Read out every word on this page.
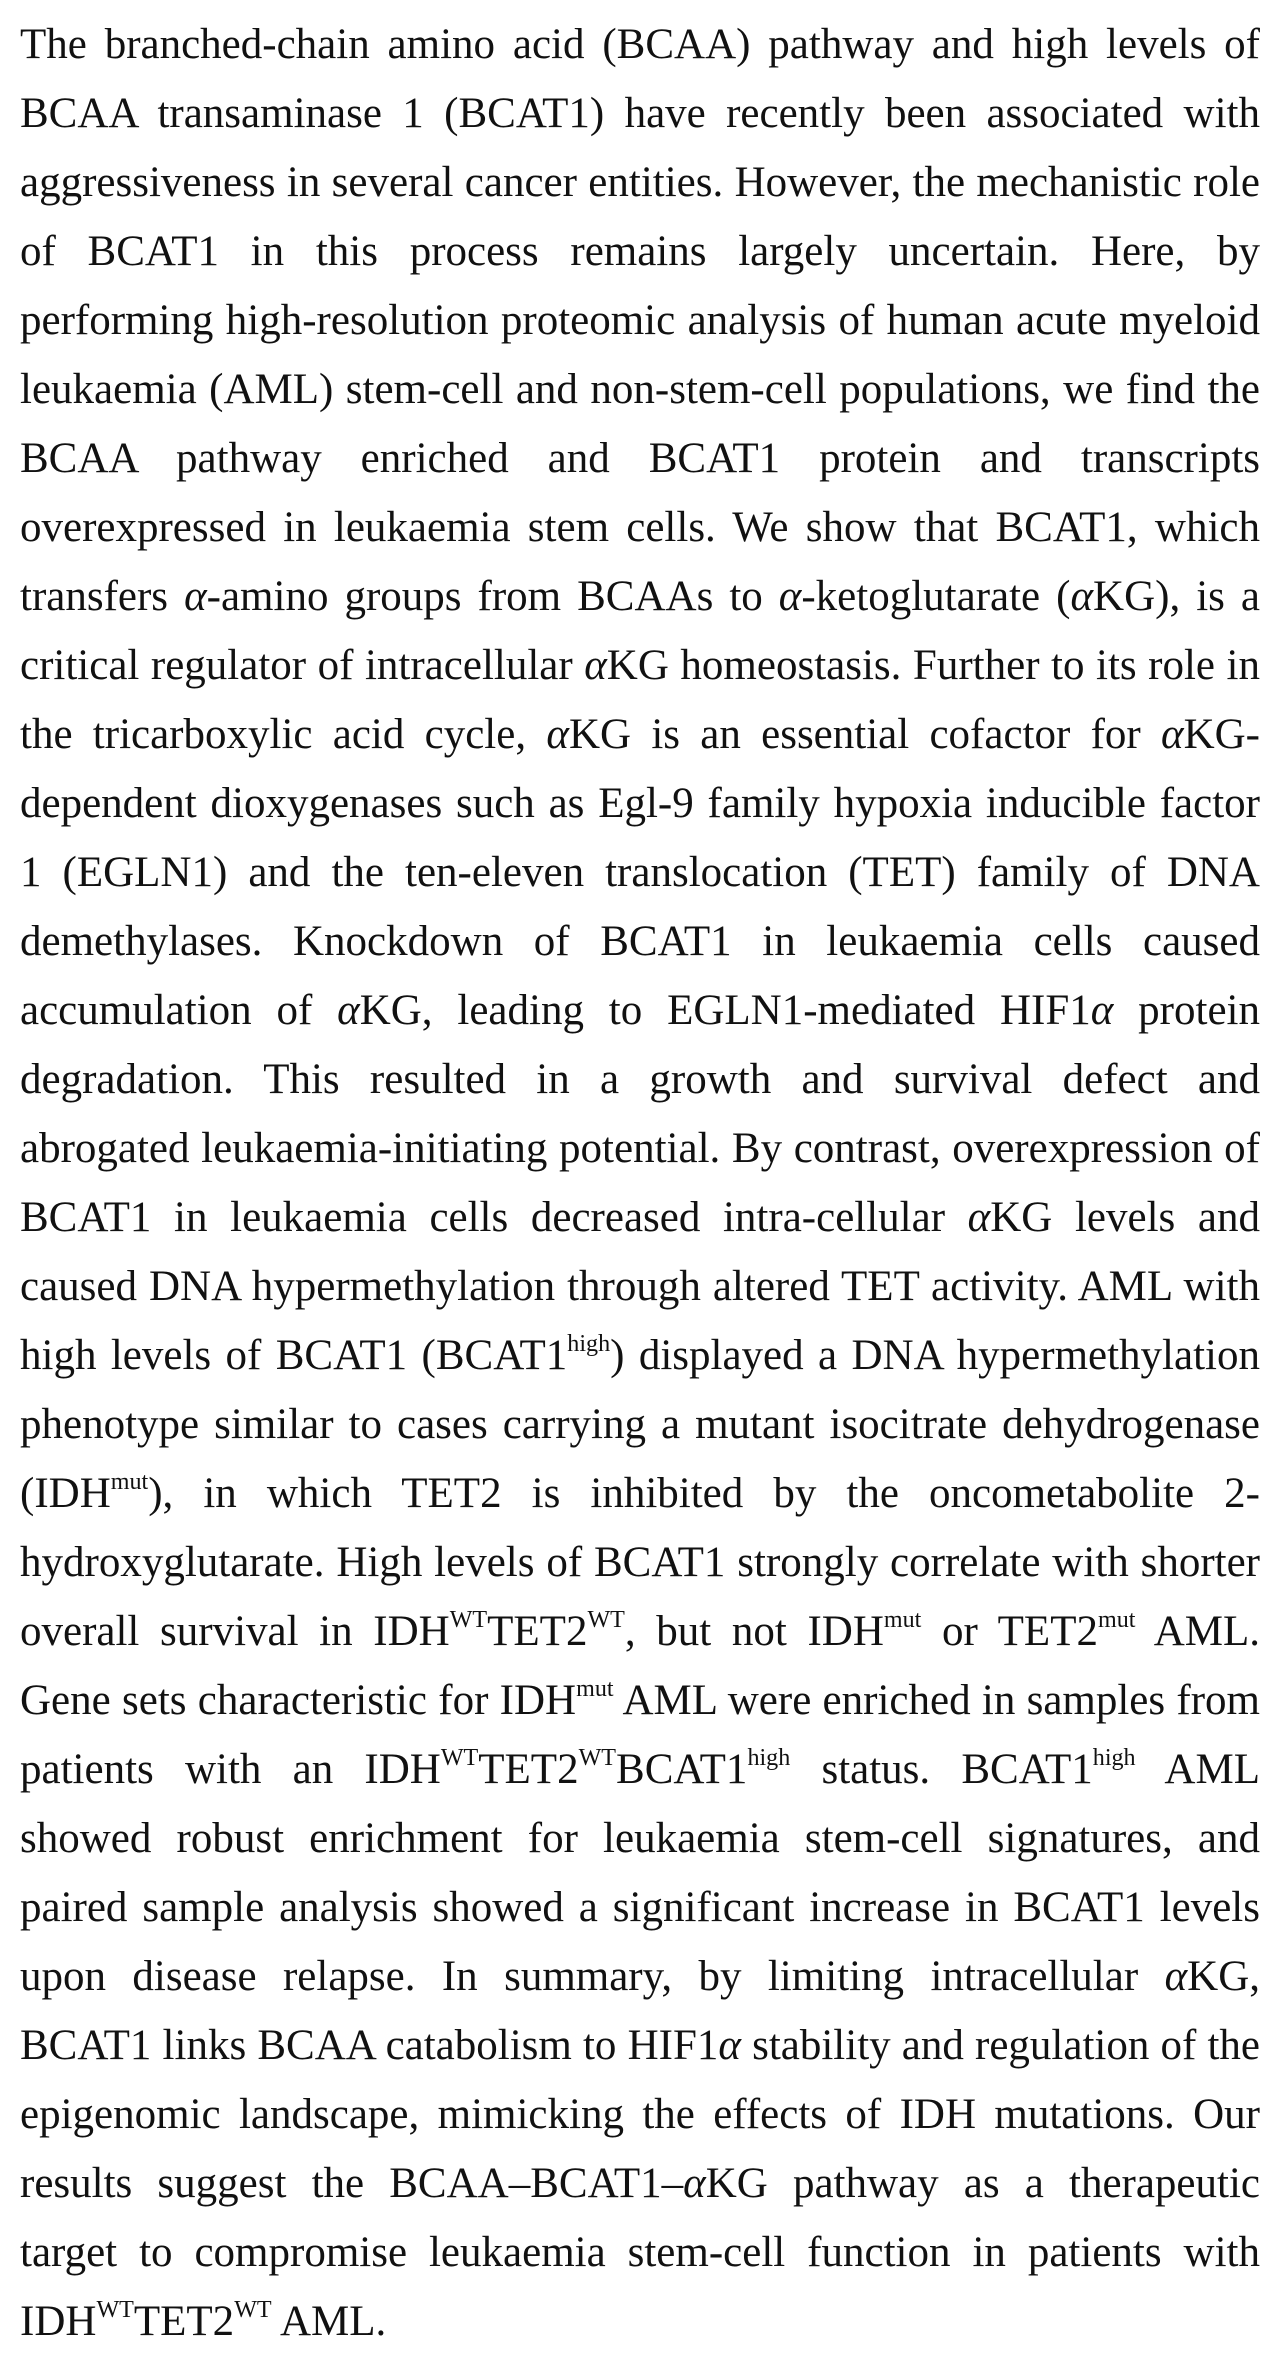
The branched-chain amino acid (BCAA) pathway and high levels of BCAA transaminase 1 (BCAT1) have recently been associated with aggressiveness in several cancer entities. However, the mechanistic role of BCAT1 in this process remains largely uncertain. Here, by performing high-resolution proteomic analysis of human acute myeloid leukaemia (AML) stem-cell and non-stem-cell populations, we find the BCAA pathway enriched and BCAT1 protein and transcripts overexpressed in leukaemia stem cells. We show that BCAT1, which transfers α-amino groups from BCAAs to α-ketoglutarate (αKG), is a critical regulator of intracellular αKG homeostasis. Further to its role in the tricarboxylic acid cycle, αKG is an essential cofactor for αKG-dependent dioxygenases such as Egl-9 family hypoxia inducible factor 1 (EGLN1) and the ten-eleven translocation (TET) family of DNA demethylases. Knockdown of BCAT1 in leukaemia cells caused accumulation of αKG, leading to EGLN1-mediated HIF1α protein degradation. This resulted in a growth and survival defect and abrogated leukaemia-initiating potential. By contrast, overexpression of BCAT1 in leukaemia cells decreased intra-cellular αKG levels and caused DNA hypermethylation through altered TET activity. AML with high levels of BCAT1 $(BCAT1^{high})$ displayed a DNA hypermethylation phenotype similar to cases carrying a mutant isocitrate dehydrogenase $(IDH^{mut})$, in which TET2 is inhibited by the oncometabolite 2-hydroxyglutarate. High levels of BCAT1 strongly correlate with shorter overall survival in $IDH^{WT}TET2^{WT}$, but not $IDH^{mut}$ or $TET2^{mut}$ AML. Gene sets characteristic for $IDH^{mut}$ AML were enriched in samples from patients with an $IDH^{WT}TET2^{WT}BCAT1^{high}$ status. $BCAT1^{high}$ AML showed robust enrichment for leukaemia stem-cell signatures, and paired sample analysis showed a significant increase in BCAT1 levels upon disease relapse. In summary, by limiting intracellular αKG, BCAT1 links BCAA catabolism to HIF1α stability and regulation of the epigenomic landscape, mimicking the effects of IDH mutations. Our results suggest the BCAA–BCAT1–αKG pathway as a therapeutic target to compromise leukaemia stem-cell function in patients with $IDH^{WT}TET2^{WT}$ AML.
